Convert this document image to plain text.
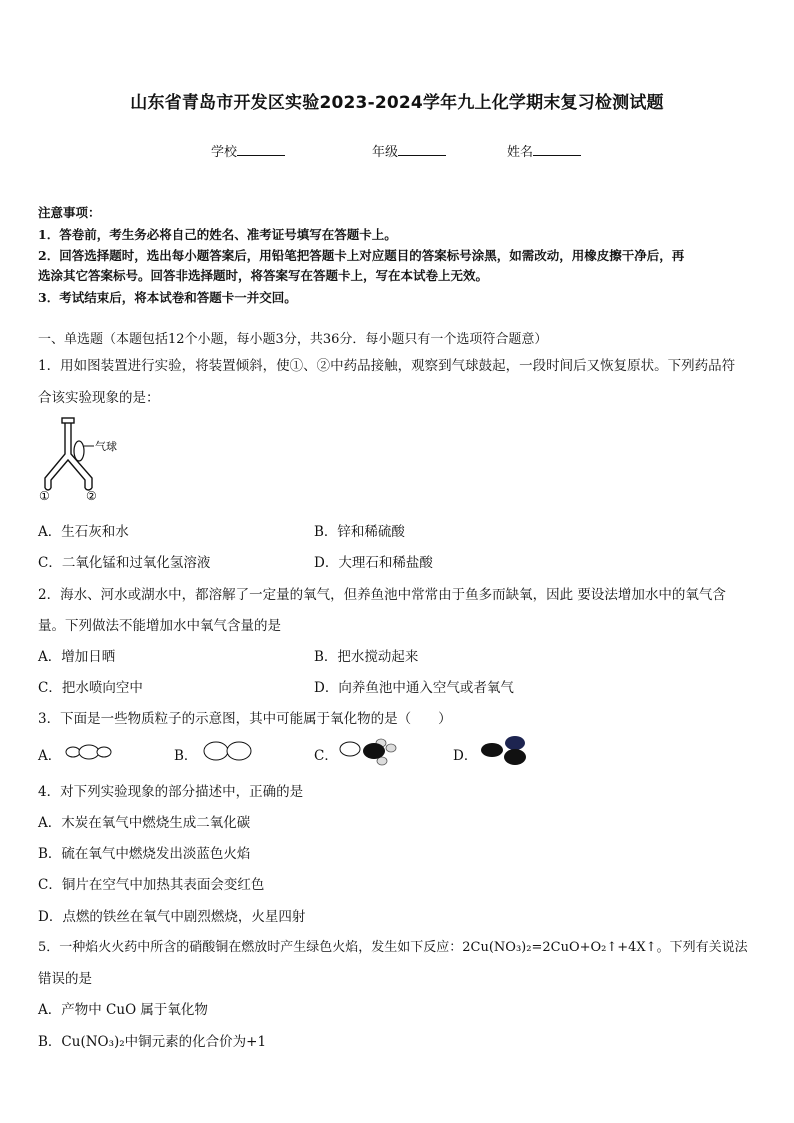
山东省青岛市开发区实验2023-2024学年九上化学期末复习检测试题
学校	年级	姓名
注意事项：
1．答卷前，考生务必将自己的姓名、准考证号填写在答题卡上。
2．回答选择题时，选出每小题答案后，用铅笔把答题卡上对应题目的答案标号涂黑，如需改动，用橡皮擦干净后，再
选涂其它答案标号。回答非选择题时，将答案写在答题卡上，写在本试卷上无效。
3．考试结束后，将本试卷和答题卡一并交回。
一、单选题（本题包括12个小题，每小题3分，共36分．每小题只有一个选项符合题意）
1．用如图装置进行实验，将装置倾斜，使①、②中药品接触，观察到气球鼓起，一段时间后又恢复原状。下列药品符
合该实验现象的是：
气球
①	②
A．生石灰和水	B．锌和稀硫酸
C．二氧化锰和过氧化氢溶液	D．大理石和稀盐酸
2．海水、河水或湖水中，都溶解了一定量的氧气，但养鱼池中常常由于鱼多而缺氧，因此 要设法增加水中的氧气含
量。下列做法不能增加水中氧气含量的是
A．增加日晒	B．把水搅动起来
C．把水喷向空中	D．向养鱼池中通入空气或者氧气
3．下面是一些物质粒子的示意图，其中可能属于氧化物的是（　　）
A．	B．	C．	D．
4．对下列实验现象的部分描述中，正确的是
A．木炭在氧气中燃烧生成二氧化碳
B．硫在氧气中燃烧发出淡蓝色火焰
C．铜片在空气中加热其表面会变红色
D．点燃的铁丝在氧气中剧烈燃烧，火星四射
5．一种焰火火药中所含的硝酸铜在燃放时产生绿色火焰，发生如下反应：2Cu(NO₃)₂=2CuO+O₂↑+4X↑。下列有关说法
错误的是
A．产物中 CuO 属于氧化物
B．Cu(NO₃)₂中铜元素的化合价为+1
